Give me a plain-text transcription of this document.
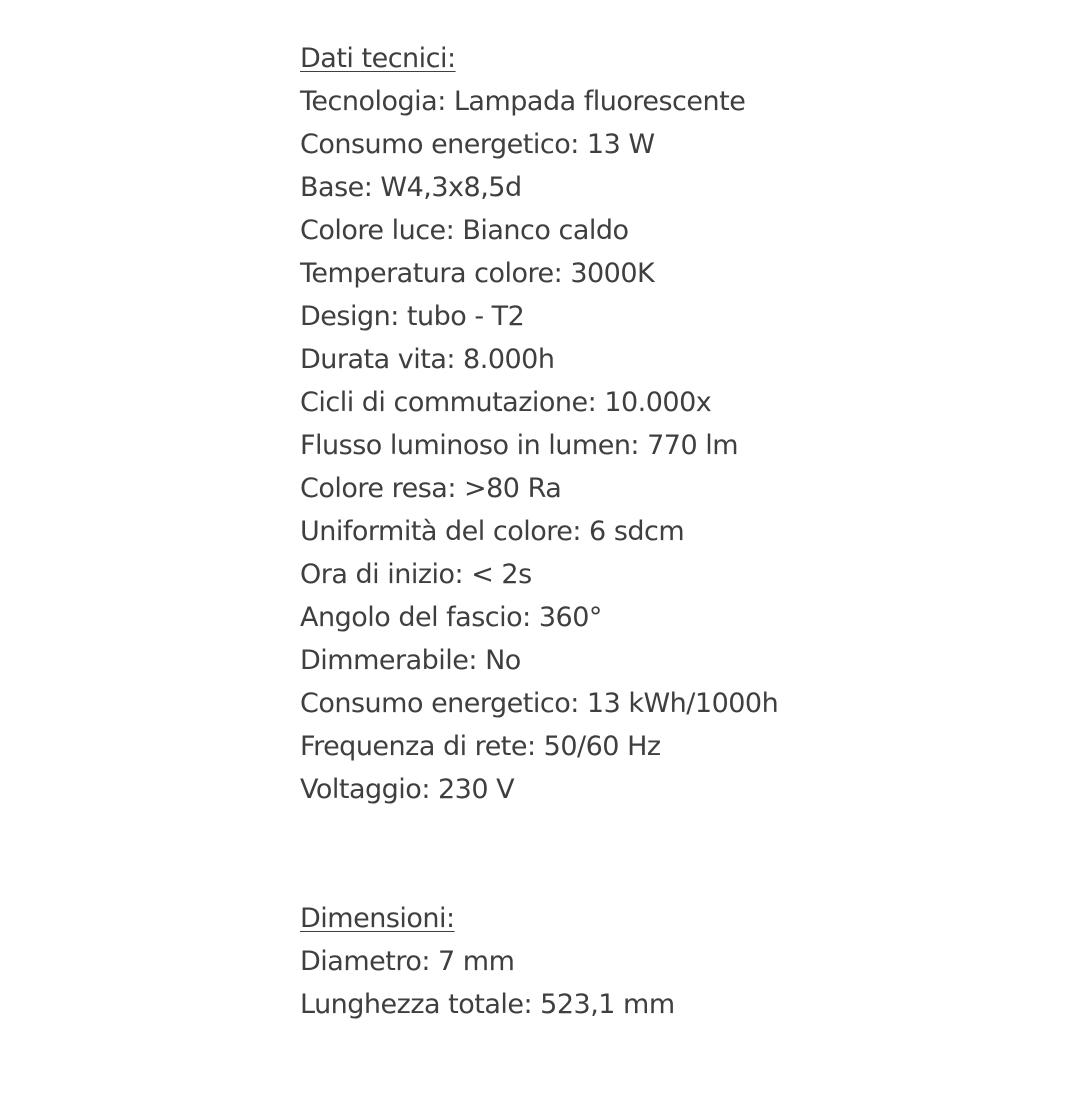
Dati tecnici:
Tecnologia: Lampada fluorescente
Consumo energetico: 13 W
Base: W4,3x8,5d
Colore luce: Bianco caldo
Temperatura colore: 3000K
Design: tubo - T2
Durata vita: 8.000h
Cicli di commutazione: 10.000x
Flusso luminoso in lumen: 770 lm
Colore resa: >80 Ra
Uniformità del colore: 6 sdcm
Ora di inizio: < 2s
Angolo del fascio: 360°
Dimmerabile: No
Consumo energetico: 13 kWh/1000h
Frequenza di rete: 50/60 Hz
Voltaggio: 230 V
Dimensioni:
Diametro: 7 mm
Lunghezza totale: 523,1 mm
